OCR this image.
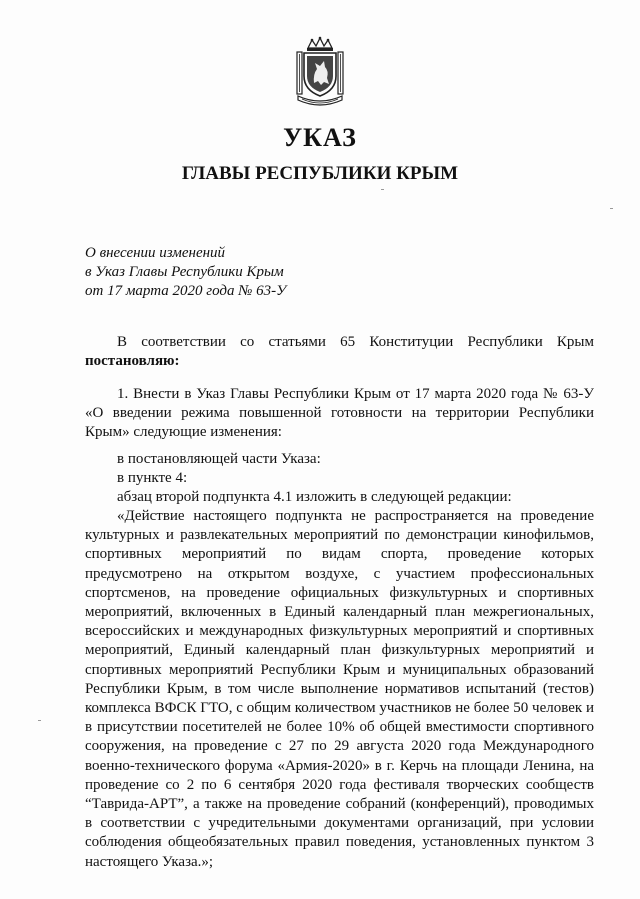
УКАЗ
ГЛАВЫ РЕСПУБЛИКИ КРЫМ
О внесении изменений
в Указ Главы Республики Крым
от 17 марта 2020 года № 63-У

В соответствии со статьями 65 Конституции Республики Крым

постановляю:

1. Внести в Указ Главы Республики Крым от 17 марта 2020 года № 63-У «О введении режима повышенной готовности на территории Республики Крым» следующие изменения:

в постановляющей части Указа:

в пункте 4:

абзац второй подпункта 4.1 изложить в следующей редакции:

«Действие настоящего подпункта не распространяется на проведение культурных и развлекательных мероприятий по демонстрации кинофильмов, спортивных мероприятий по видам спорта, проведение которых предусмотрено на открытом воздухе, с участием профессиональных спортсменов, на проведение официальных физкультурных и спортивных мероприятий, включенных в Единый календарный план межрегиональных, всероссийских и международных физкультурных мероприятий и спортивных мероприятий, Единый календарный план физкультурных мероприятий и спортивных мероприятий Республики Крым и муниципальных образований Республики Крым, в том числе выполнение нормативов испытаний (тестов) комплекса ВФСК ГТО, с общим количеством участников не более 50 человек и в присутствии посетителей не более 10% об общей вместимости спортивного сооружения, на проведение с 27 по 29 августа 2020 года Международного военно-технического форума «Армия-2020» в г. Керчь на площади Ленина, на проведение со 2 по 6 сентября 2020 года фестиваля творческих сообществ “Таврида-АРТ”, а также на проведение собраний (конференций), проводимых в соответствии с учредительными документами организаций, при условии соблюдения общеобязательных правил поведения, установленных пунктом 3 настоящего Указа.»;
